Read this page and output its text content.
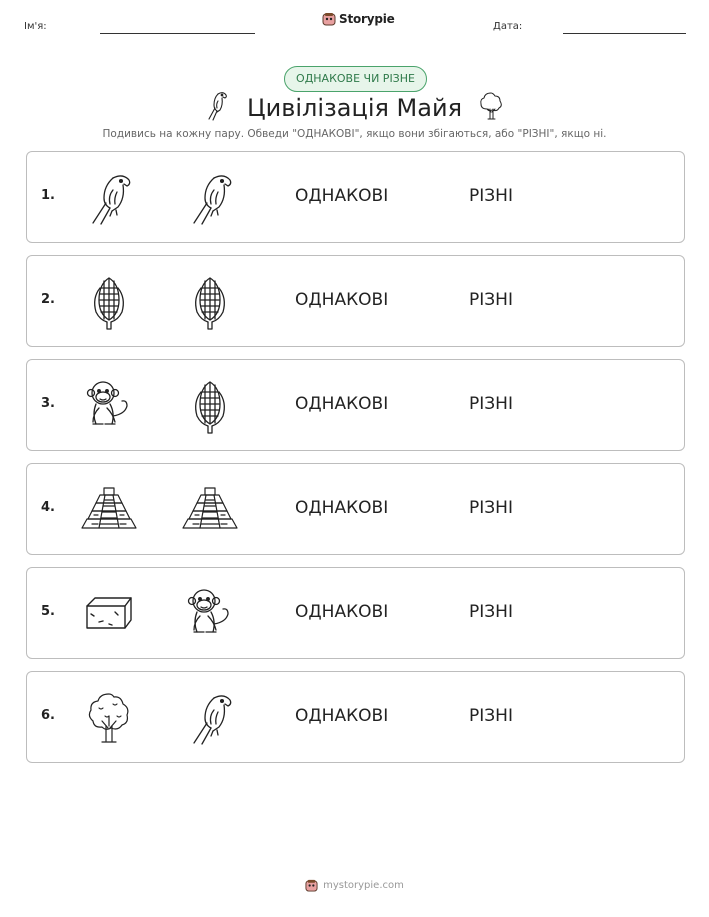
Ім'я:
Storypie
Дата:
ОДНАКОВЕ ЧИ РІЗНЕ
Цивілізація Майя
Подивись на кожну пару. Обведи "ОДНАКОВІ", якщо вони збігаються, або "РІЗНІ", якщо ні.
1.	ОДНАКОВІ	РІЗНІ
2.	ОДНАКОВІ	РІЗНІ
3.	ОДНАКОВІ	РІЗНІ
4.	ОДНАКОВІ	РІЗНІ
5.	ОДНАКОВІ	РІЗНІ
6.	ОДНАКОВІ	РІЗНІ
mystorypie.com
